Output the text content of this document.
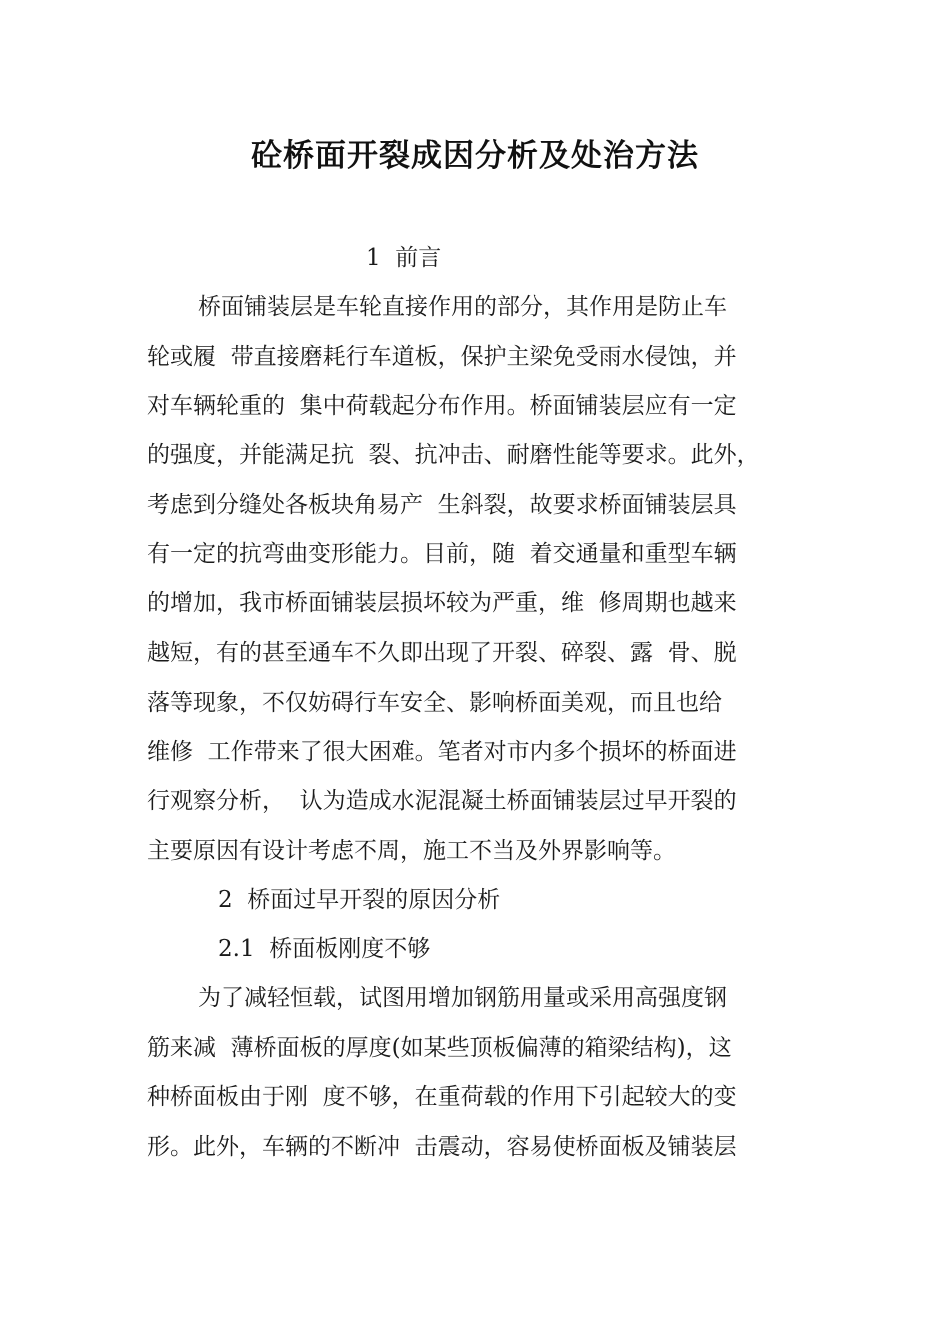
砼桥面开裂成因分析及处治方法
1  前言
桥面铺装层是车轮直接作用的部分，其作用是防止车
轮或履  带直接磨耗行车道板，保护主梁免受雨水侵蚀，并
对车辆轮重的  集中荷载起分布作用。桥面铺装层应有一定
的强度，并能满足抗  裂、抗冲击、耐磨性能等要求。此外，
考虑到分缝处各板块角易产  生斜裂，故要求桥面铺装层具
有一定的抗弯曲变形能力。目前，随  着交通量和重型车辆
的增加，我市桥面铺装层损坏较为严重，维  修周期也越来
越短，有的甚至通车不久即出现了开裂、碎裂、露  骨、脱
落等现象，不仅妨碍行车安全、影响桥面美观，而且也给
维修  工作带来了很大困难。笔者对市内多个损坏的桥面进
行观察分析，  认为造成水泥混凝土桥面铺装层过早开裂的
主要原因有设计考虑不周，施工不当及外界影响等。
2  桥面过早开裂的原因分析
2.1  桥面板刚度不够
为了减轻恒载，试图用增加钢筋用量或采用高强度钢
筋来减  薄桥面板的厚度(如某些顶板偏薄的箱梁结构)，这
种桥面板由于刚  度不够，在重荷载的作用下引起较大的变
形。此外，车辆的不断冲  击震动，容易使桥面板及铺装层
